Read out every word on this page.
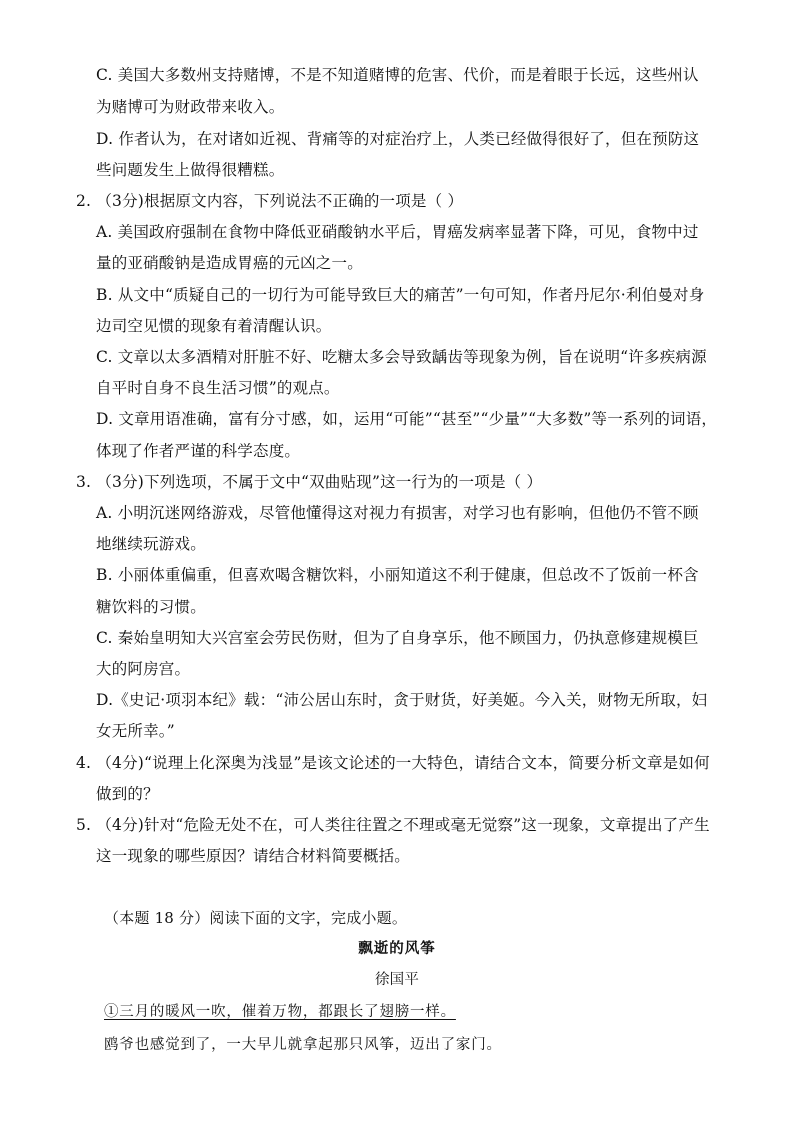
C. 美国大多数州支持赌博，不是不知道赌博的危害、代价，而是着眼于长远，这些州认
为赌博可为财政带来收入。
D. 作者认为，在对诸如近视、背痛等的对症治疗上，人类已经做得很好了，但在预防这
些问题发生上做得很糟糕。
2. （3分)根据原文内容，下列说法不正确的一项是（ ）
A. 美国政府强制在食物中降低亚硝酸钠水平后，胃癌发病率显著下降，可见，食物中过
量的亚硝酸钠是造成胃癌的元凶之一。
B. 从文中“质疑自己的一切行为可能导致巨大的痛苦”一句可知，作者丹尼尔·利伯曼对身
边司空见惯的现象有着清醒认识。
C. 文章以太多酒精对肝脏不好、吃糖太多会导致龋齿等现象为例，旨在说明“许多疾病源
自平时自身不良生活习惯”的观点。
D. 文章用语准确，富有分寸感，如，运用“可能”“甚至”“少量”“大多数”等一系列的词语，
体现了作者严谨的科学态度。
3. （3分)下列选项，不属于文中“双曲贴现”这一行为的一项是（ ）
A. 小明沉迷网络游戏，尽管他懂得这对视力有损害，对学习也有影响，但他仍不管不顾
地继续玩游戏。
B. 小丽体重偏重，但喜欢喝含糖饮料，小丽知道这不利于健康，但总改不了饭前一杯含
糖饮料的习惯。
C. 秦始皇明知大兴宫室会劳民伤财，但为了自身享乐，他不顾国力，仍执意修建规模巨
大的阿房宫。
D.《史记·项羽本纪》载：“沛公居山东时，贪于财货，好美姬。今入关，财物无所取，妇
女无所幸。”
4. （4分)“说理上化深奥为浅显”是该文论述的一大特色，请结合文本，简要分析文章是如何
做到的？
5. （4分)针对“危险无处不在，可人类往往置之不理或毫无觉察”这一现象，文章提出了产生
这一现象的哪些原因？请结合材料简要概括。
（本题 18 分）阅读下面的文字，完成小题。
飘逝的风筝
徐国平
①三月的暖风一吹，催着万物，都跟长了翅膀一样。
鸥爷也感觉到了，一大早儿就拿起那只风筝，迈出了家门。
